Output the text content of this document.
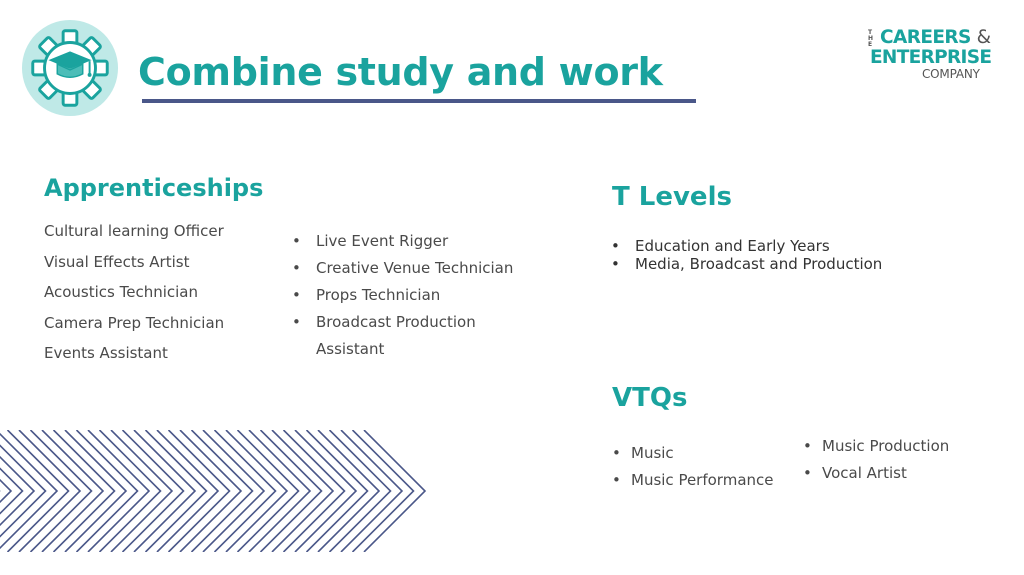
Combine study and work
T
H
E CAREERS &
ENTERPRISE
COMPANY
Apprenticeships
Cultural learning Officer
Visual Effects Artist
Acoustics Technician
Camera Prep Technician
Events Assistant
• Live Event Rigger
• Creative Venue Technician
• Props Technician
• Broadcast Production Assistant
T Levels
• Education and Early Years
• Media, Broadcast and Production
VTQs
• Music
• Music Performance
• Music Production
• Vocal Artist
